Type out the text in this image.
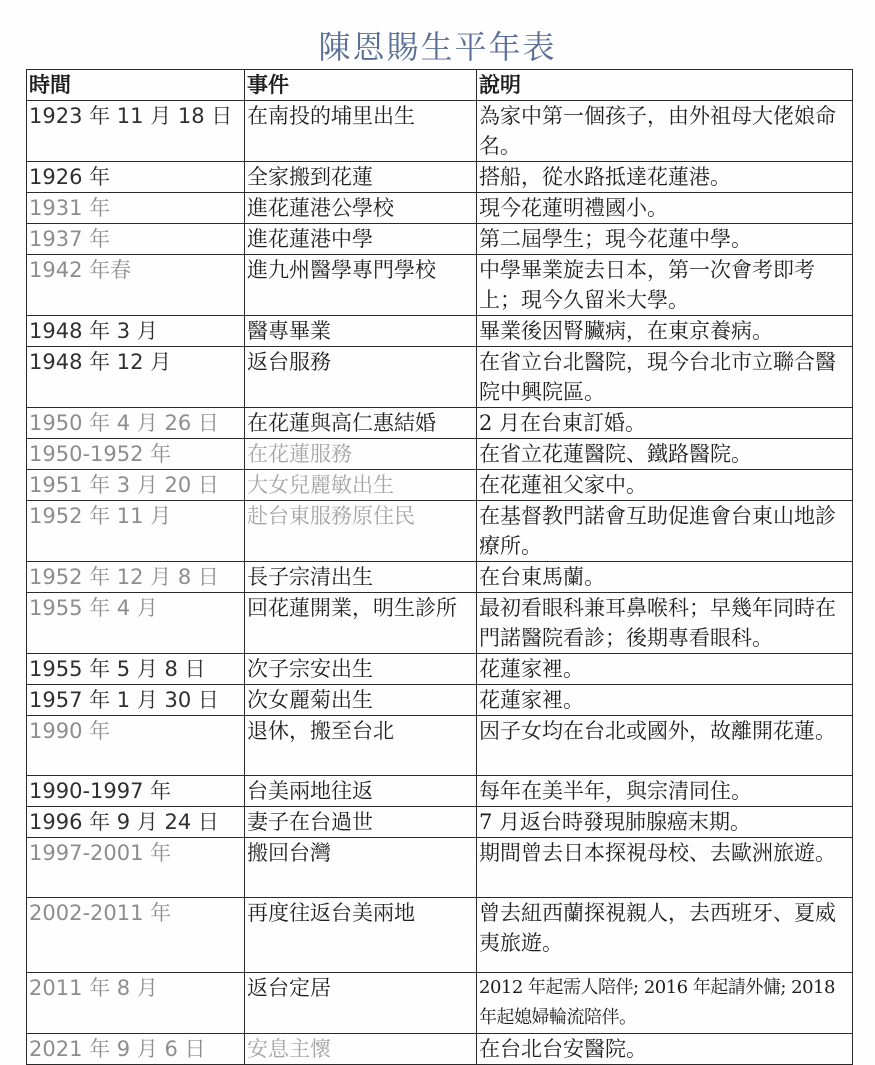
陳恩賜生平年表
時間	事件	說明
1923 年 11 月 18 日	在南投的埔里出生	為家中第一個孩子，由外祖母大佬娘命名。
1926 年	全家搬到花蓮	搭船，從水路抵達花蓮港。
1931 年	進花蓮港公學校	現今花蓮明禮國小。
1937 年	進花蓮港中學	第二屆學生；現今花蓮中學。
1942 年春	進九州醫學專門學校	中學畢業旋去日本，第一次會考即考上；現今久留米大學。
1948 年 3 月	醫專畢業	畢業後因腎臟病，在東京養病。
1948 年 12 月	返台服務	在省立台北醫院，現今台北市立聯合醫院中興院區。
1950 年 4 月 26 日	在花蓮與高仁惠結婚	2 月在台東訂婚。
1950-1952 年	在花蓮服務	在省立花蓮醫院、鐵路醫院。
1951 年 3 月 20 日	大女兒麗敏出生	在花蓮祖父家中。
1952 年 11 月	赴台東服務原住民	在基督教門諾會互助促進會台東山地診療所。
1952 年 12 月 8 日	長子宗清出生	在台東馬蘭。
1955 年 4 月	回花蓮開業，明生診所	最初看眼科兼耳鼻喉科；早幾年同時在門諾醫院看診；後期專看眼科。
1955 年 5 月 8 日	次子宗安出生	花蓮家裡。
1957 年 1 月 30 日	次女麗菊出生	花蓮家裡。
1990 年	退休，搬至台北	因子女均在台北或國外，故離開花蓮。
1990-1997 年	台美兩地往返	每年在美半年，與宗清同住。
1996 年 9 月 24 日	妻子在台過世	7 月返台時發現肺腺癌末期。
1997-2001 年	搬回台灣	期間曾去日本探視母校、去歐洲旅遊。
2002-2011 年	再度往返台美兩地	曾去紐西蘭探視親人，去西班牙、夏威夷旅遊。
2011 年 8 月	返台定居	2012 年起需人陪伴; 2016 年起請外傭; 2018 年起媳婦輪流陪伴。
2021 年 9 月 6 日	安息主懷	在台北台安醫院。
